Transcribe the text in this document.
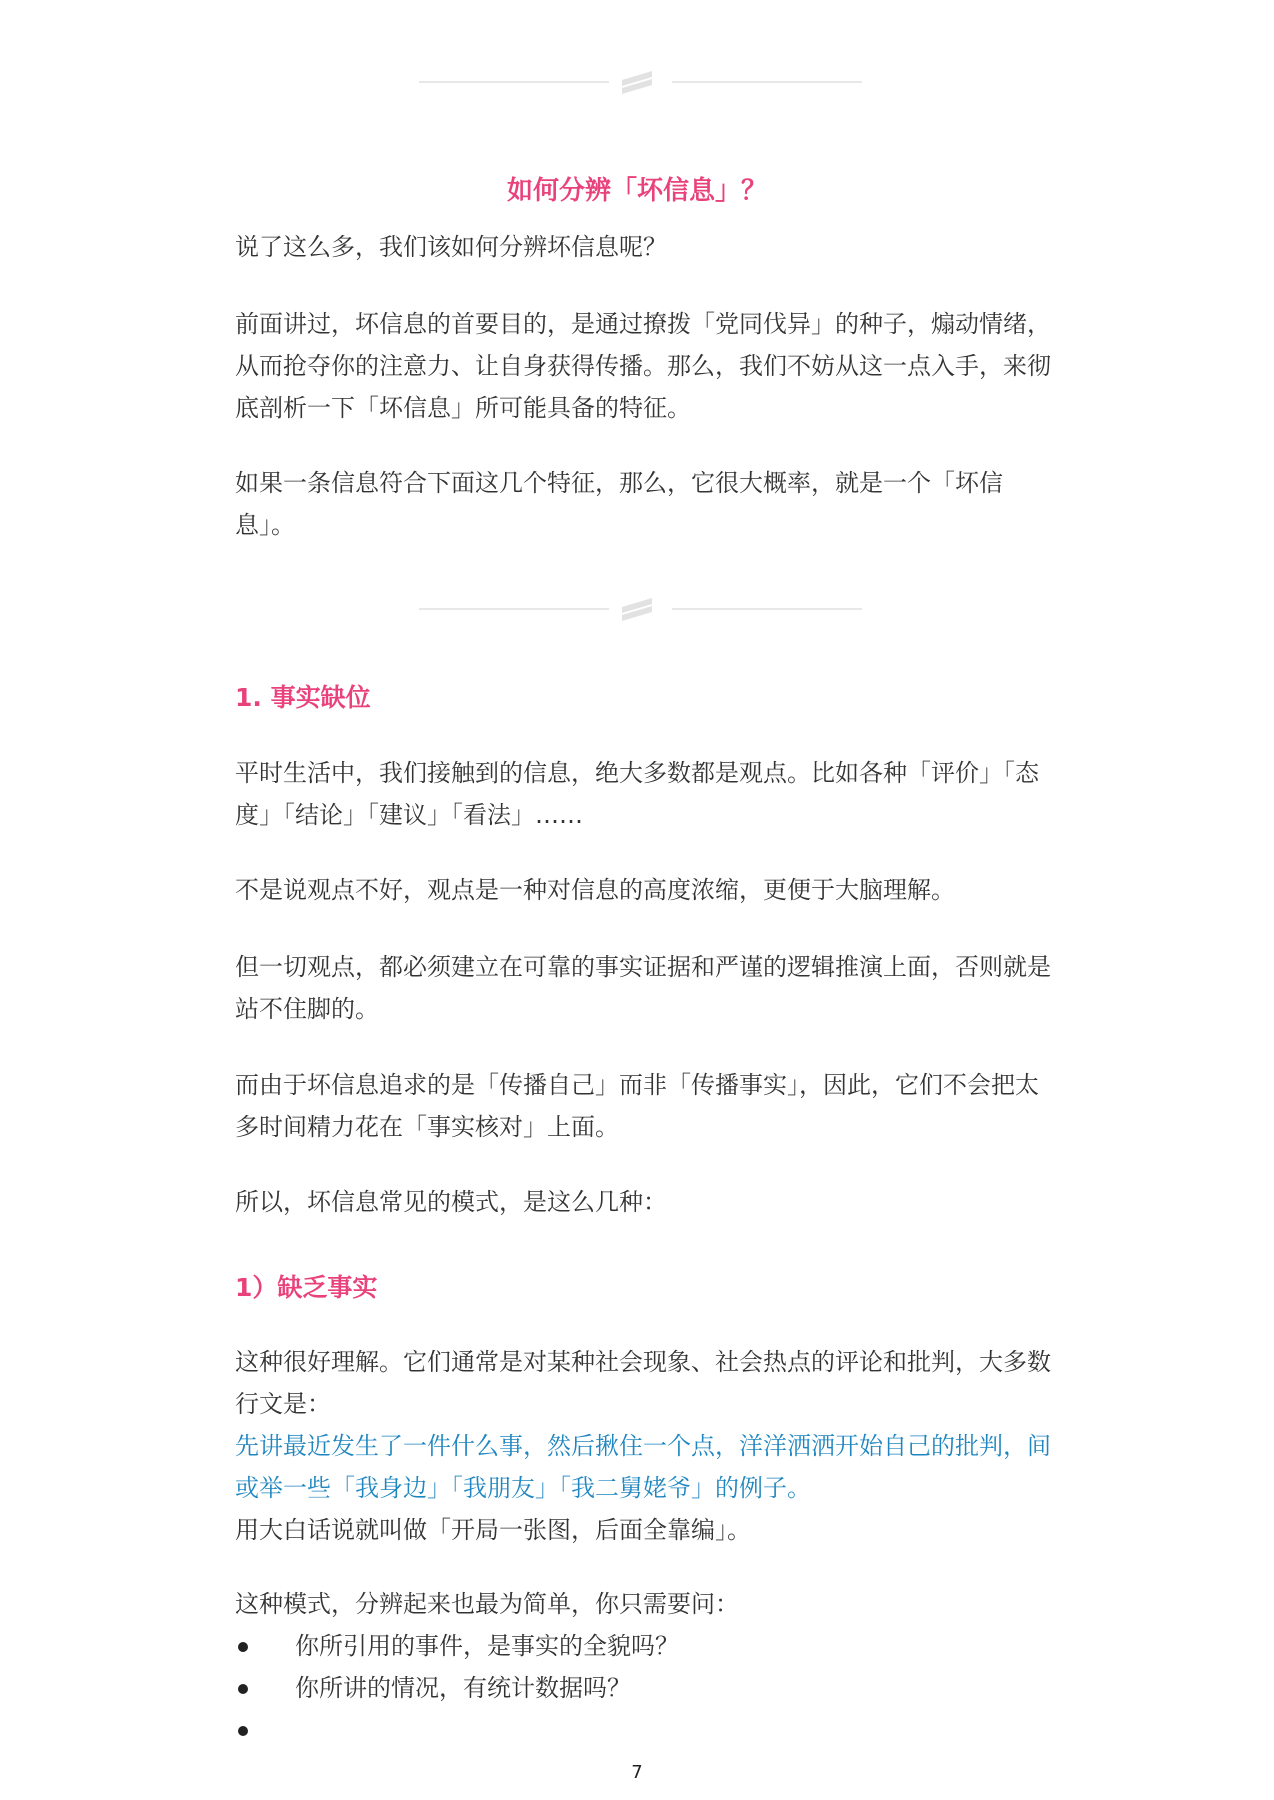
如何分辨「坏信息」？

说了这么多，我们该如何分辨坏信息呢？

前面讲过，坏信息的首要目的，是通过撩拨「党同伐异」的种子，煽动情绪，从而抢夺你的注意力、让自身获得传播。那么，我们不妨从这一点入手，来彻底剖析一下「坏信息」所可能具备的特征。

如果一条信息符合下面这几个特征，那么，它很大概率，就是一个「坏信息」。

1. 事实缺位

平时生活中，我们接触到的信息，绝大多数都是观点。比如各种「评价」「态度」「结论」「建议」「看法」……

不是说观点不好，观点是一种对信息的高度浓缩，更便于大脑理解。

但一切观点，都必须建立在可靠的事实证据和严谨的逻辑推演上面，否则就是站不住脚的。

而由于坏信息追求的是「传播自己」而非「传播事实」，因此，它们不会把太多时间精力花在「事实核对」上面。

所以，坏信息常见的模式，是这么几种：

1）缺乏事实

这种很好理解。它们通常是对某种社会现象、社会热点的评论和批判，大多数行文是：

先讲最近发生了一件什么事，然后揪住一个点，洋洋洒洒开始自己的批判，间或举一些「我身边」「我朋友」「我二舅姥爷」的例子。

用大白话说就叫做「开局一张图，后面全靠编」。

这种模式，分辨起来也最为简单，你只需要问：

你所引用的事件，是事实的全貌吗？
你所讲的情况，有统计数据吗？
7
